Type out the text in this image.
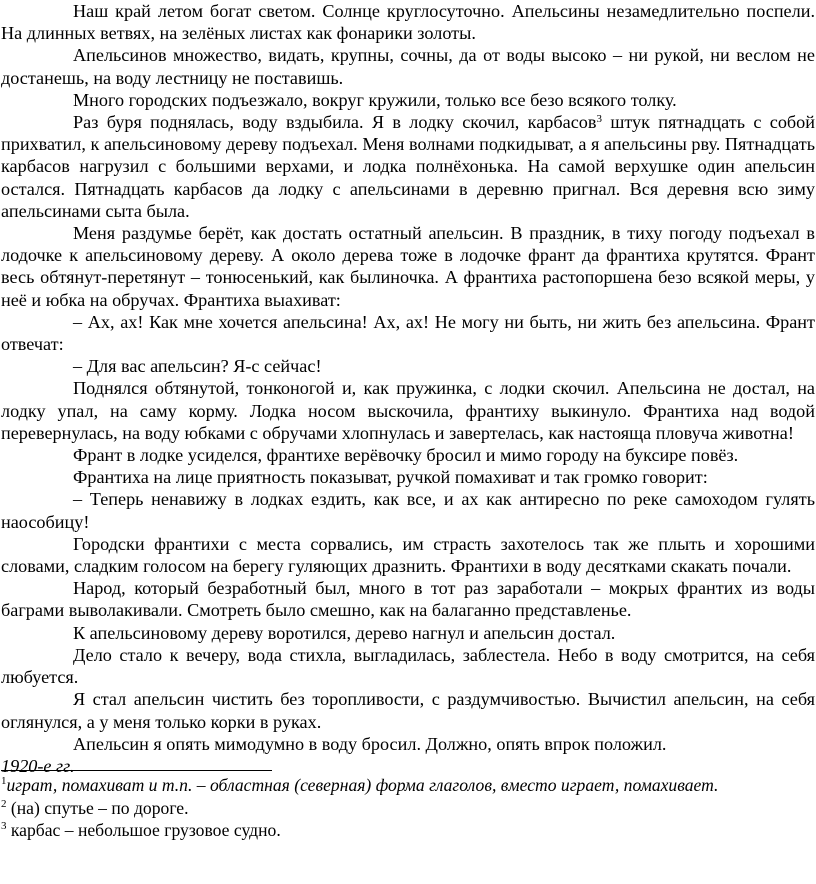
Наш край летом богат светом. Солнце круглосуточно. Апельсины незамедлительно поспели. На длинных ветвях, на зелёных листах как фонарики золоты.

Апельсинов множество, видать, крупны, сочны, да от воды высоко – ни рукой, ни веслом не достанешь, на воду лестницу не поставишь.

Много городских подъезжало, вокруг кружили, только все безо всякого толку.

Раз буря поднялась, воду вздыбила. Я в лодку скочил, карбасов$^3$ штук пятнадцать с собой прихватил, к апельсиновому дереву подъехал. Меня волнами подкидыват, а я апельсины рву. Пятнадцать карбасов нагрузил с большими верхами, и лодка полнёхонька. На самой верхушке один апельсин остался. Пятнадцать карбасов да лодку с апельсинами в деревню пригнал. Вся деревня всю зиму апельсинами сыта была.

Меня раздумье берёт, как достать остатный апельсин. В праздник, в тиху погоду подъехал в лодочке к апельсиновому дереву. А около дерева тоже в лодочке франт да франтиха крутятся. Франт весь обтянут-перетянут – тонюсенький, как былиночка. А франтиха растопоршена безо всякой меры, у неё и юбка на обручах. Франтиха выахиват:

– Ах, ах! Как мне хочется апельсина! Ах, ах! Не могу ни быть, ни жить без апельсина. Франт отвечат:

– Для вас апельсин? Я-с сейчас!

Поднялся обтянутой, тонконогой и, как пружинка, с лодки скочил. Апельсина не достал, на лодку упал, на саму корму. Лодка носом выскочила, франтиху выкинуло. Франтиха над водой перевернулась, на воду юбками с обручами хлопнулась и завертелась, как настояща пловуча животна!

Франт в лодке усиделся, франтихе верёвочку бросил и мимо городу на буксире повёз.

Франтиха на лице приятность показыват, ручкой помахиват и так громко говорит:

– Теперь ненавижу в лодках ездить, как все, и ах как антиресно по реке самоходом гулять наособицу!

Городски франтихи с места сорвались, им страсть захотелось так же плыть и хорошими словами, сладким голосом на берегу гуляющих дразнить. Франтихи в воду десятками скакать почали.

Народ, который безработный был, много в тот раз заработали – мокрых франтих из воды баграми выволакивали. Смотреть было смешно, как на балаганно представленье.

К апельсиновому дереву воротился, дерево нагнул и апельсин достал.

Дело стало к вечеру, вода стихла, выгладилась, заблестела. Небо в воду смотрится, на себя любуется.

Я стал апельсин чистить без торопливости, с раздумчивостью. Вычистил апельсин, на себя оглянулся, а у меня только корки в руках.

Апельсин я опять мимодумно в воду бросил. Должно, опять впрок положил.

1920-е гг.

$^1$играт, помахиват и т.п. – областная (северная) форма глаголов, вместо играет, помахивает.

$^2$ (на) спутье – по дороге.

$^3$ карбас – небольшое грузовое судно.
